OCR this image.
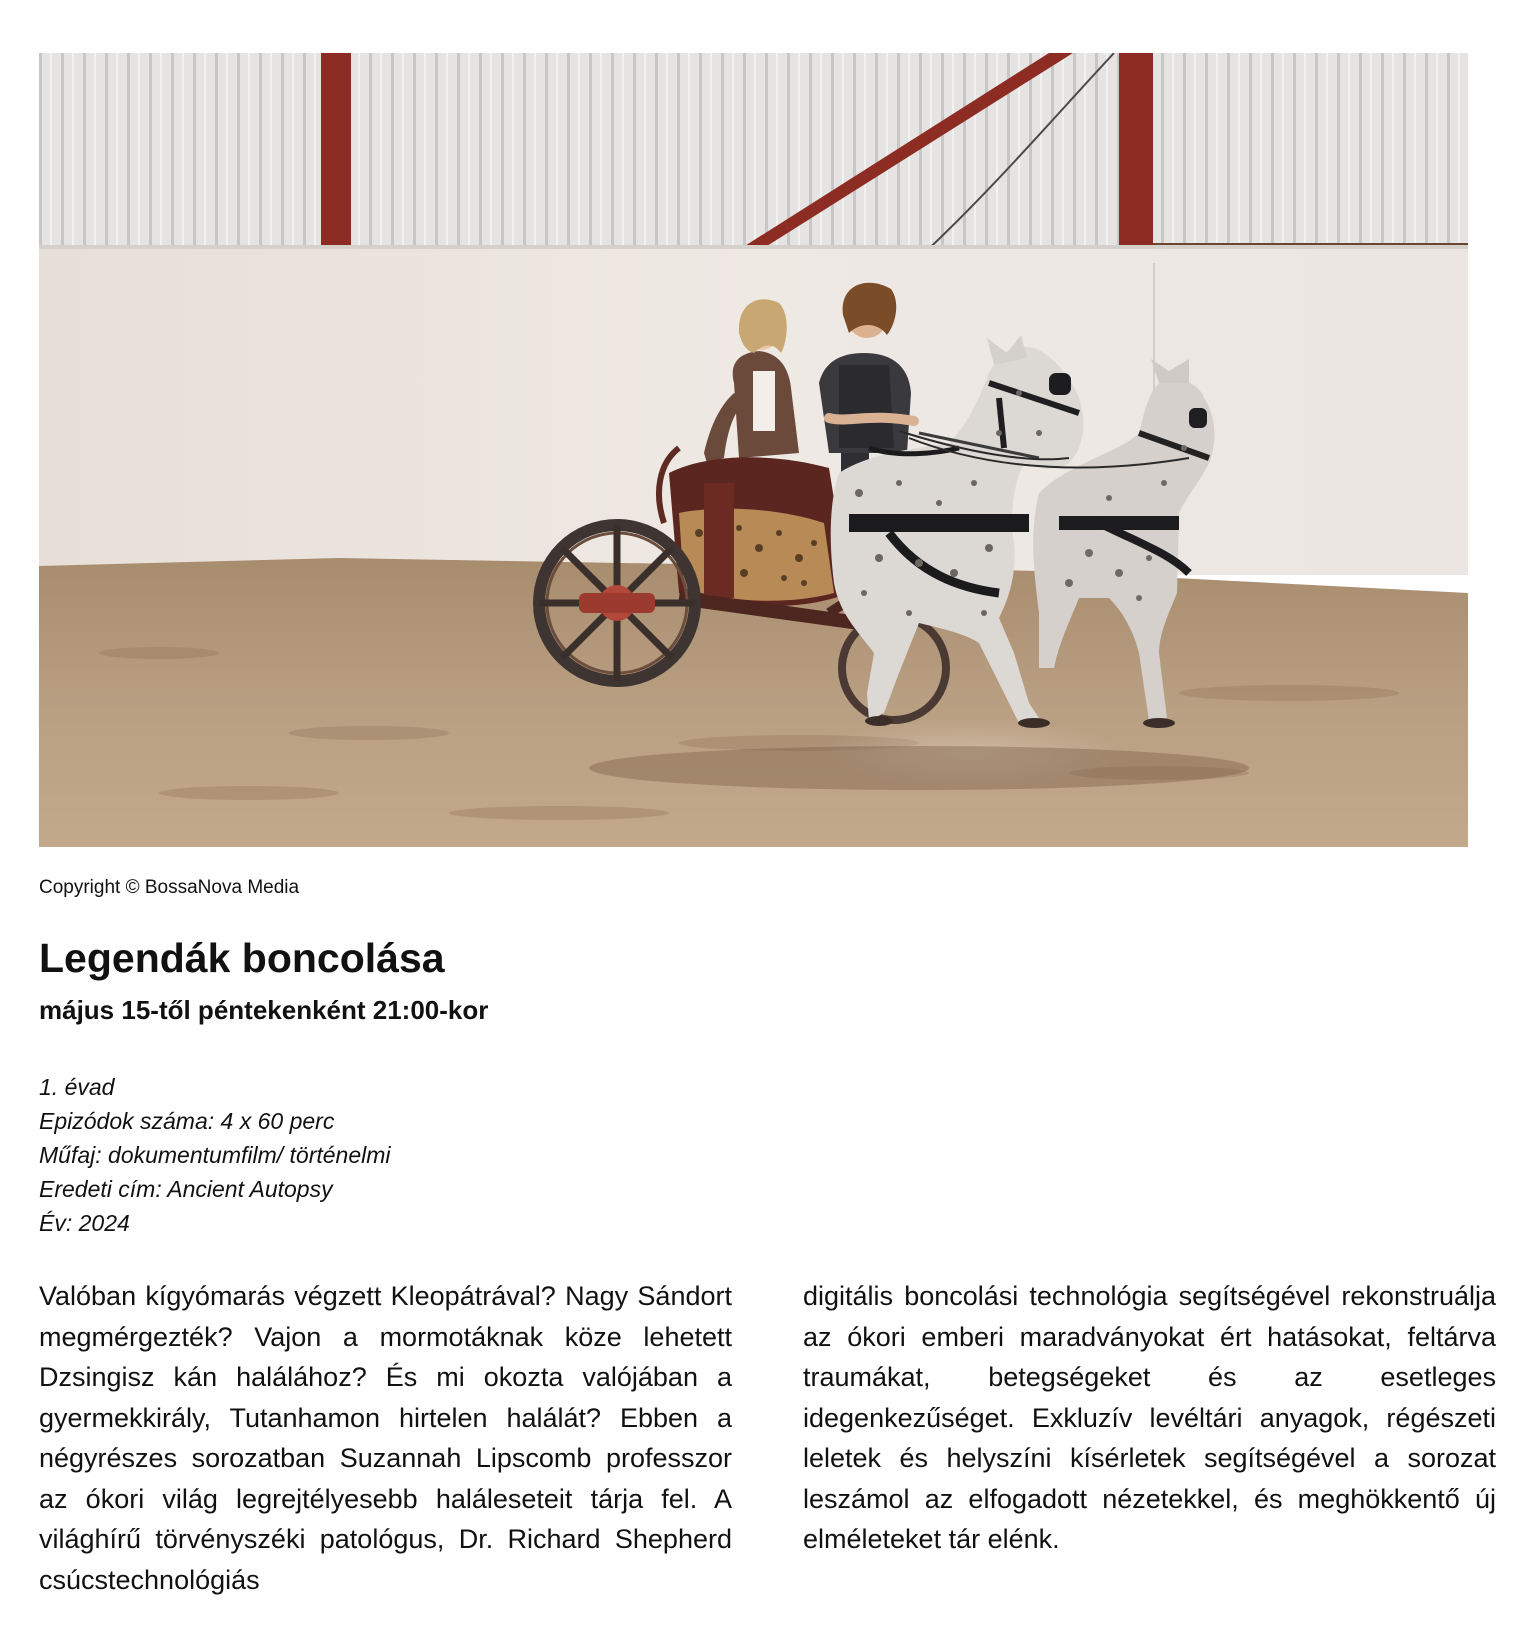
Copyright © BossaNova Media
Legendák boncolása
május 15-től péntekenként 21:00-kor
1. évad
Epizódok száma: 4 x 60 perc
Műfaj: dokumentumfilm/ történelmi
Eredeti cím: Ancient Autopsy
Év: 2024
Valóban kígyómarás végzett Kleopátrával? Nagy Sándort megmérgezték? Vajon a mormotáknak köze lehetett Dzsingisz kán halálához? És mi okozta valójában a gyermekkirály, Tutanhamon hirtelen halálát? Ebben a négyrészes sorozatban Suzannah Lipscomb professzor az ókori világ legrejtélyesebb haláleseteit tárja fel. A világhírű törvényszéki patológus, Dr. Richard Shepherd csúcstechnológiás
digitális boncolási technológia segítségével rekonstruálja az ókori emberi maradványokat ért hatásokat, feltárva traumákat, betegségeket és az esetleges idegenkezűséget. Exkluzív levéltári anyagok, régészeti leletek és helyszíni kísérletek segítségével a sorozat leszámol az elfogadott nézetekkel, és meghökkentő új elméleteket tár elénk.
